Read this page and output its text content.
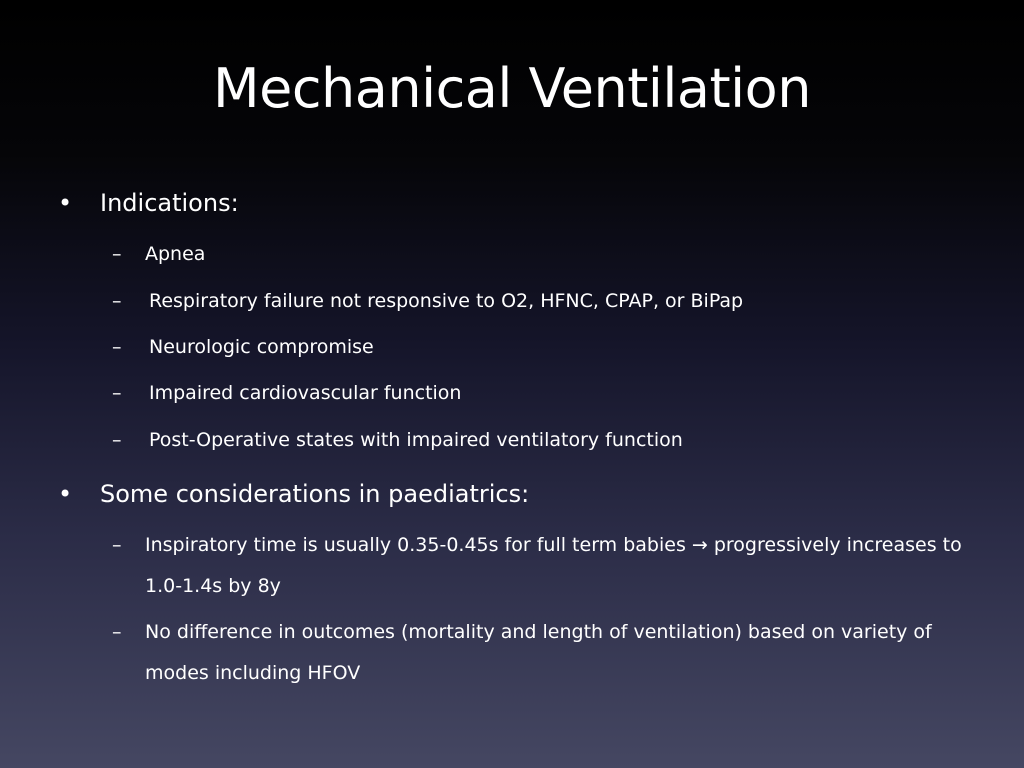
Mechanical Ventilation
• Indications:
– Apnea
– Respiratory failure not responsive to O2, HFNC, CPAP, or BiPap
– Neurologic compromise
– Impaired cardiovascular function
– Post-Operative states with impaired ventilatory function
• Some considerations in paediatrics:
– Inspiratory time is usually 0.35-0.45s for full term babies → progressively increases to 1.0-1.4s by 8y
– No difference in outcomes (mortality and length of ventilation) based on variety of modes including HFOV
